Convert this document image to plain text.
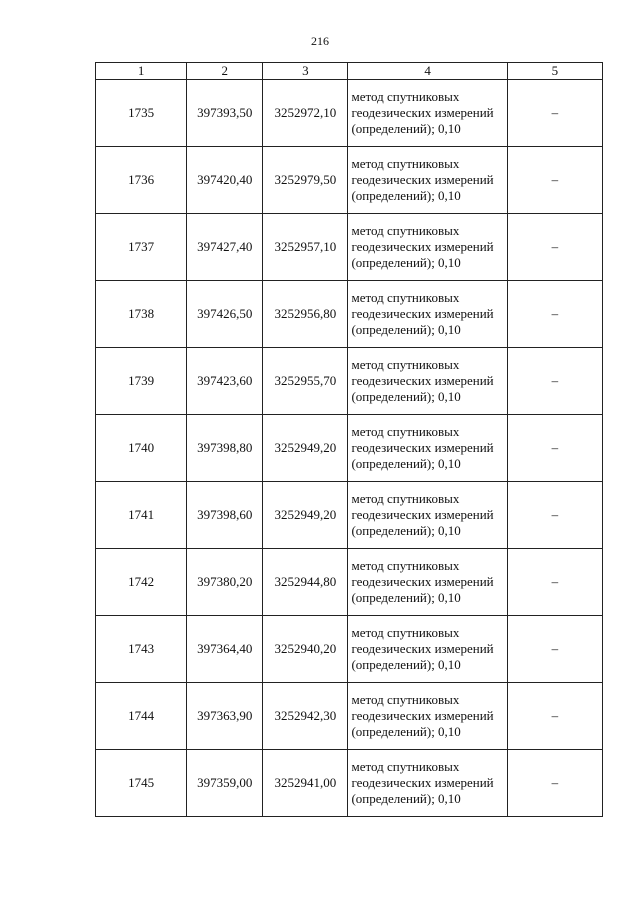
216
1	2	3	4	5
1735	397393,50	3252972,10	метод спутниковых геодезических измерений (определений); 0,10	–
1736	397420,40	3252979,50	метод спутниковых геодезических измерений (определений); 0,10	–
1737	397427,40	3252957,10	метод спутниковых геодезических измерений (определений); 0,10	–
1738	397426,50	3252956,80	метод спутниковых геодезических измерений (определений); 0,10	–
1739	397423,60	3252955,70	метод спутниковых геодезических измерений (определений); 0,10	–
1740	397398,80	3252949,20	метод спутниковых геодезических измерений (определений); 0,10	–
1741	397398,60	3252949,20	метод спутниковых геодезических измерений (определений); 0,10	–
1742	397380,20	3252944,80	метод спутниковых геодезических измерений (определений); 0,10	–
1743	397364,40	3252940,20	метод спутниковых геодезических измерений (определений); 0,10	–
1744	397363,90	3252942,30	метод спутниковых геодезических измерений (определений); 0,10	–
1745	397359,00	3252941,00	метод спутниковых геодезических измерений (определений); 0,10	–
